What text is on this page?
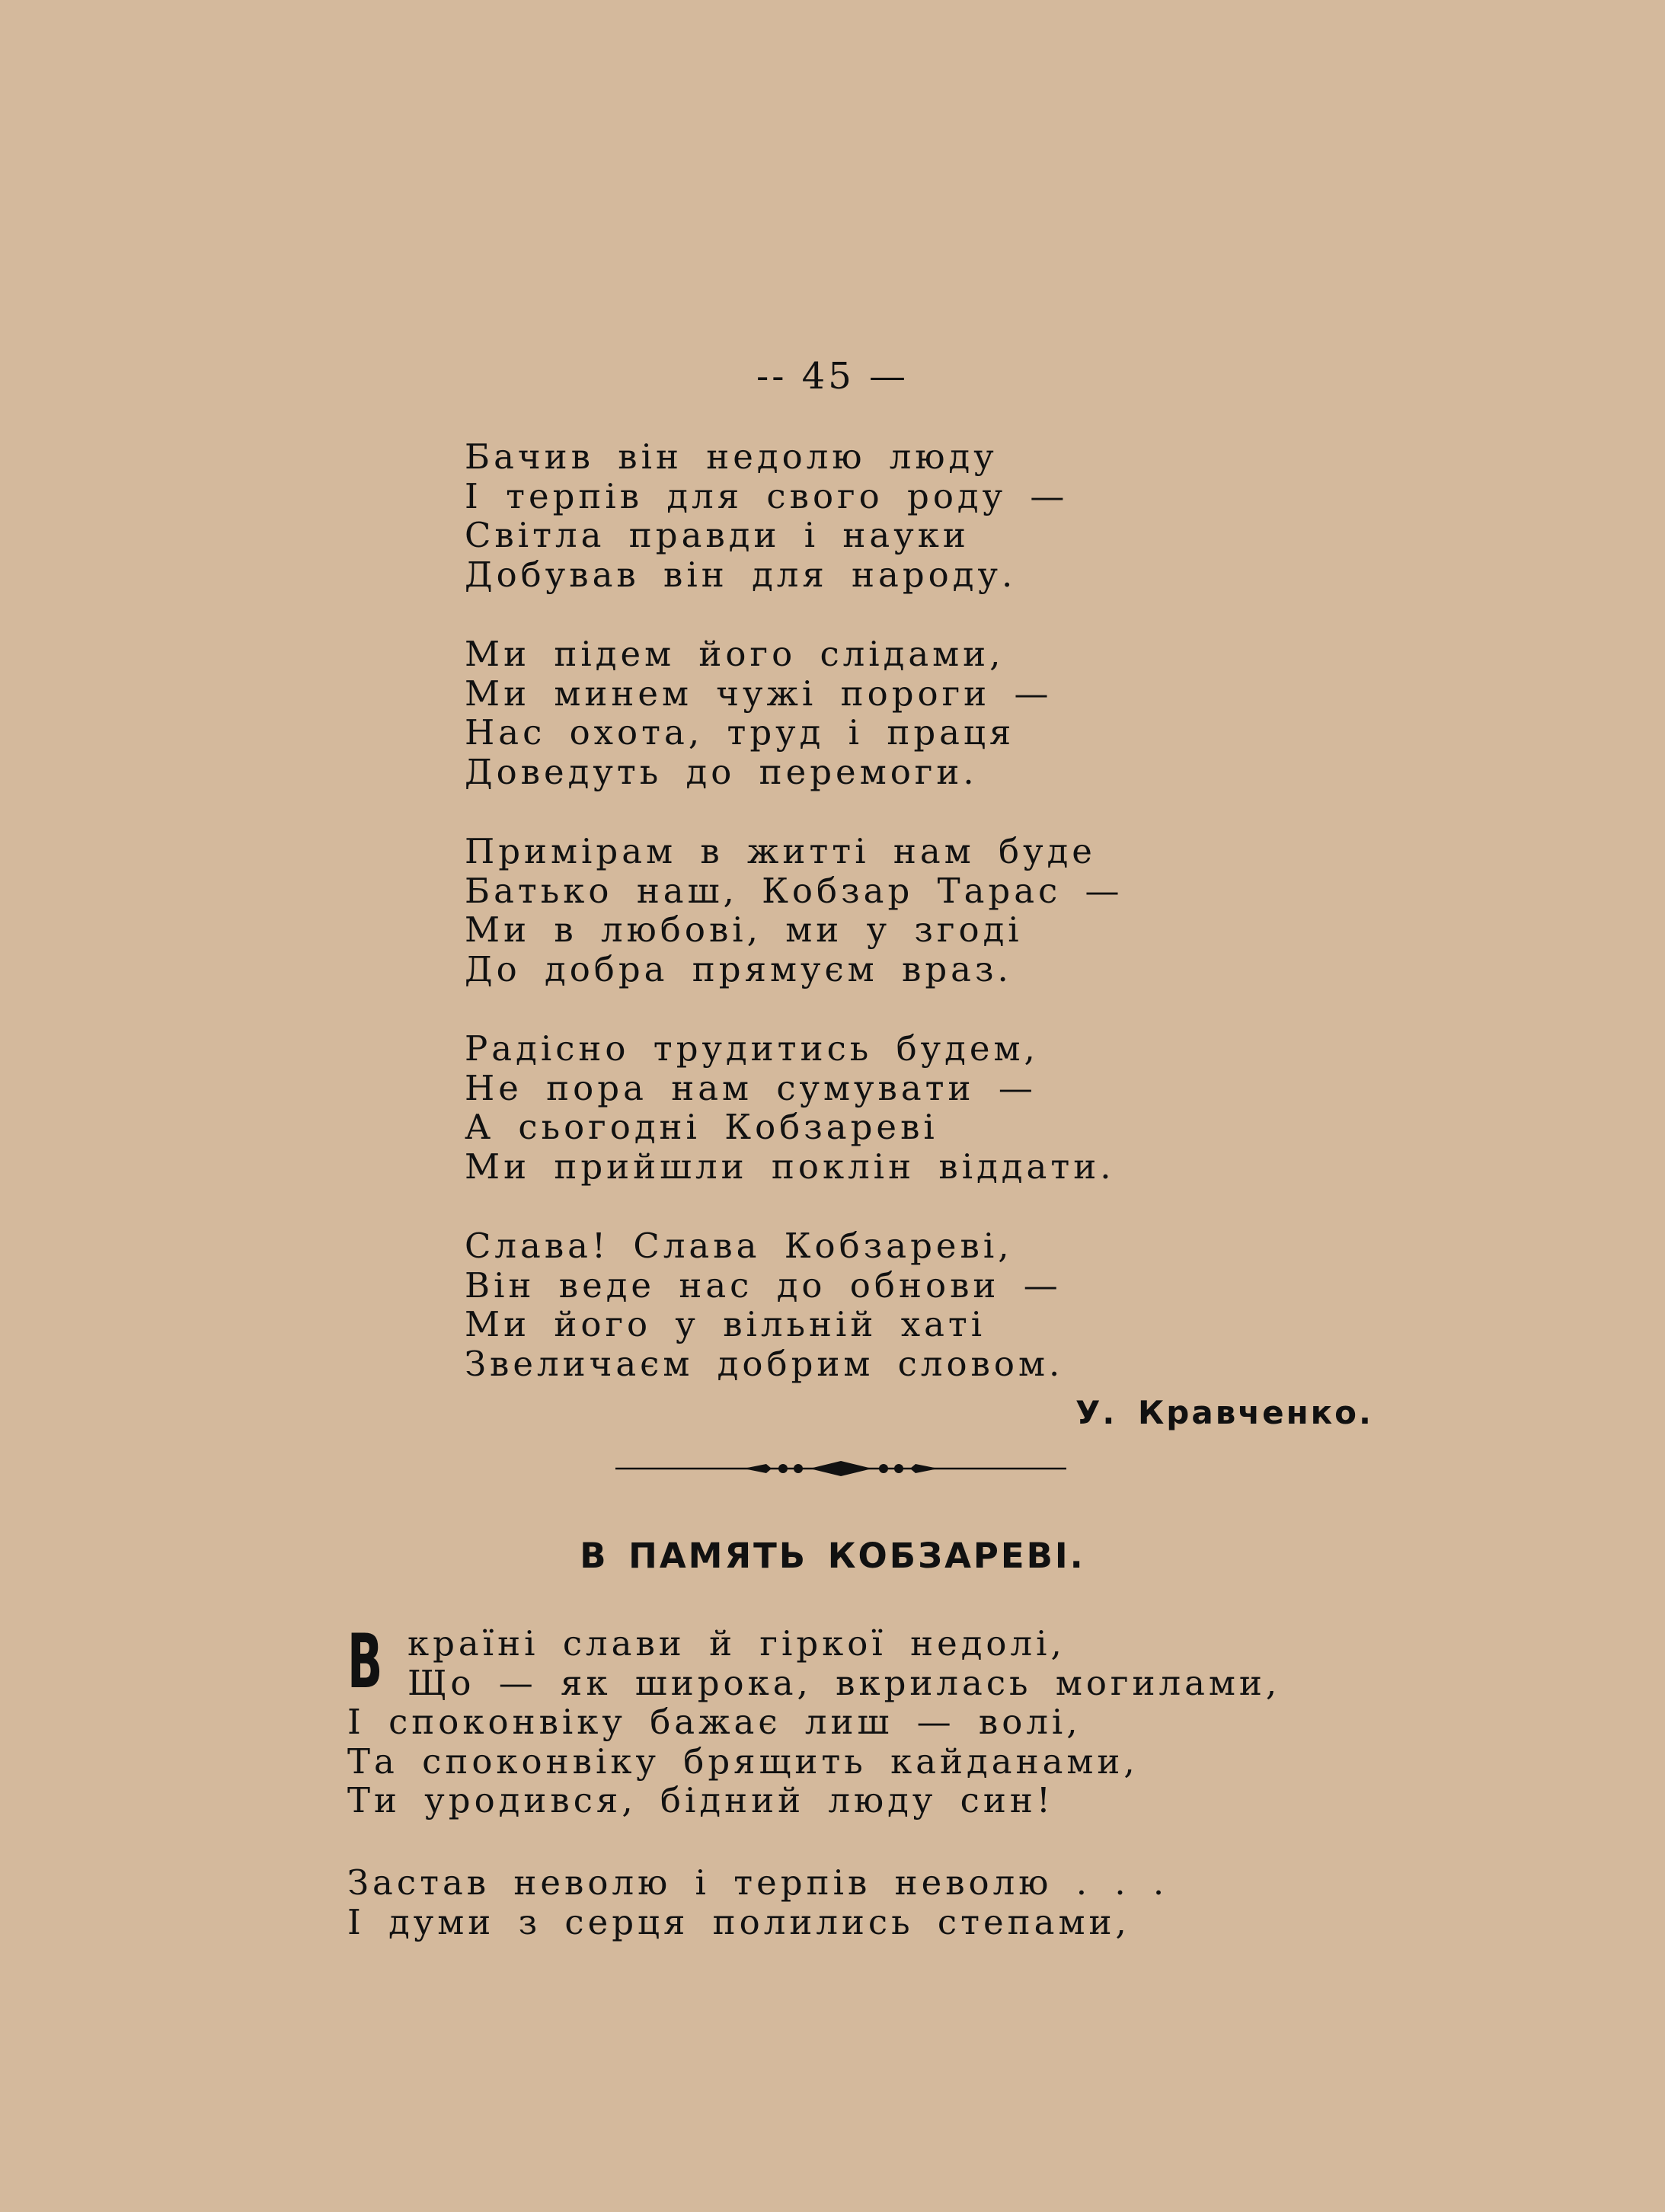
-- 45 —
Бачив він недолю люду
І терпів для свого роду —
Світла правди і науки
Добував він для народу.
Ми підем його слідами,
Ми минем чужі пороги —
Нас охота, труд і праця
Доведуть до перемоги.
Примірам в житті нам буде
Батько наш, Кобзар Тарас —
Ми в любові, ми у згоді
До добра прямуєм враз.
Радісно трудитись будем,
Не пора нам сумувати —
А сьогодні Кобзареві
Ми прийшли поклін віддати.
Слава! Слава Кобзареві,
Він веде нас до обнови —
Ми його у вільній хаті
Звеличаєм добрим словом.
У. Кравченко.
В ПАМЯТЬ КОБЗАРЕВІ.
В країні слави й гіркої недолі,
Що — як широка, вкрилась могилами,
І споконвіку бажає лиш — волі,
Та споконвіку брящить кайданами,
Ти уродився, бідний люду син!
Застав неволю і терпів неволю . . .
І думи з серця полились степами,
